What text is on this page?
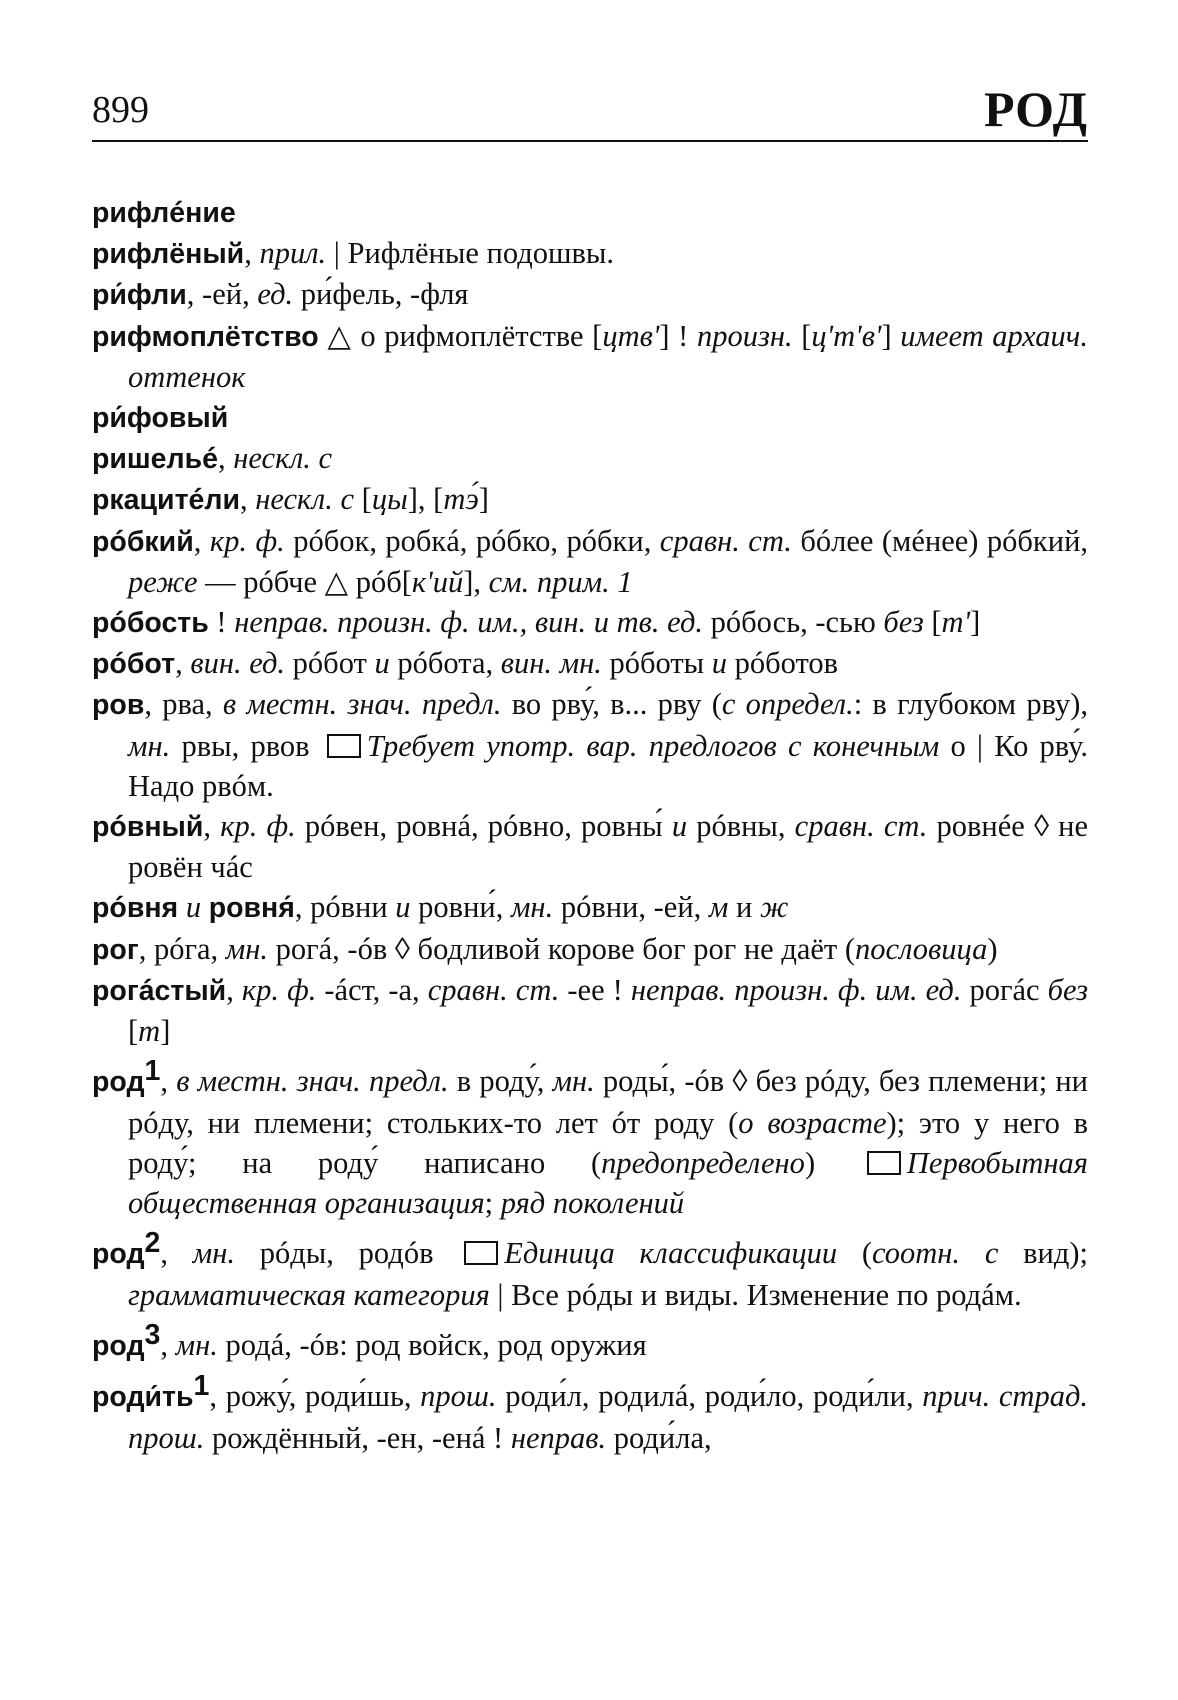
899	РОД
рифлéние
рифлёный, прил. | Рифлёные подошвы.
ри́фли, -ей, ед. ри́фель, -фля
рифмоплётство △ о рифмоплётстве [цтвʹ] ! произн. [цʹтʹвʹ] имеет архаич. оттенок
ри́фовый
ришельé, нескл. с
ркацитéли, нескл. с [цы], [тэ́]
рóбкий, кр. ф. рóбок, робкá, рóбко, рóбки, сравн. ст. бóлее (мéнее) рóбкий, реже — рóбче △ рóб[кʹий], см. прим. 1
рóбость ! неправ. произн. ф. им., вин. и тв. ед. рóбось, -сью без [тʹ]
рóбот, вин. ед. рóбот и рóбота, вин. мн. рóботы и рóботов
ров, рва, в местн. знач. предл. во рву́, в... рву (с определ.: в глубоком рву), мн. рвы, рвов Требует употр. вар. предлогов с конечным о | Ко рву́. Надо рвóм.
рóвный, кр. ф. рóвен, ровнá, рóвно, ровны́ и рóвны, сравн. ст. ровнéе ◊ не ровён чáс
рóвня и ровня́, рóвни и ровни́, мн. рóвни, -ей, м и ж
рог, рóга, мн. рогá, -óв ◊ бодливой корове бог рог не даёт (пословица)
рогáстый, кр. ф. -áст, -а, сравн. ст. -ее ! неправ. произн. ф. им. ед. рогáс без [т]
род$^1$, в местн. знач. предл. в роду́, мн. роды́, -óв ◊ без рóду, без племени; ни рóду, ни племени; стольких-то лет óт роду (о возрасте); это у него в роду́; на роду́ написано (предопределено) Первобытная общественная организация; ряд поколений
род$^2$, мн. рóды, родóв Единица классификации (соотн. с вид); грамматическая категория | Все рóды и виды. Изменение по родáм.
род$^3$, мн. родá, -óв: род войск, род оружия
$роди́ть^1$, рожу́, роди́шь, прош. роди́л, родилá, роди́ло, роди́ли, прич. страд. прош. рождённый, -ен, -енá ! неправ. роди́ла,
